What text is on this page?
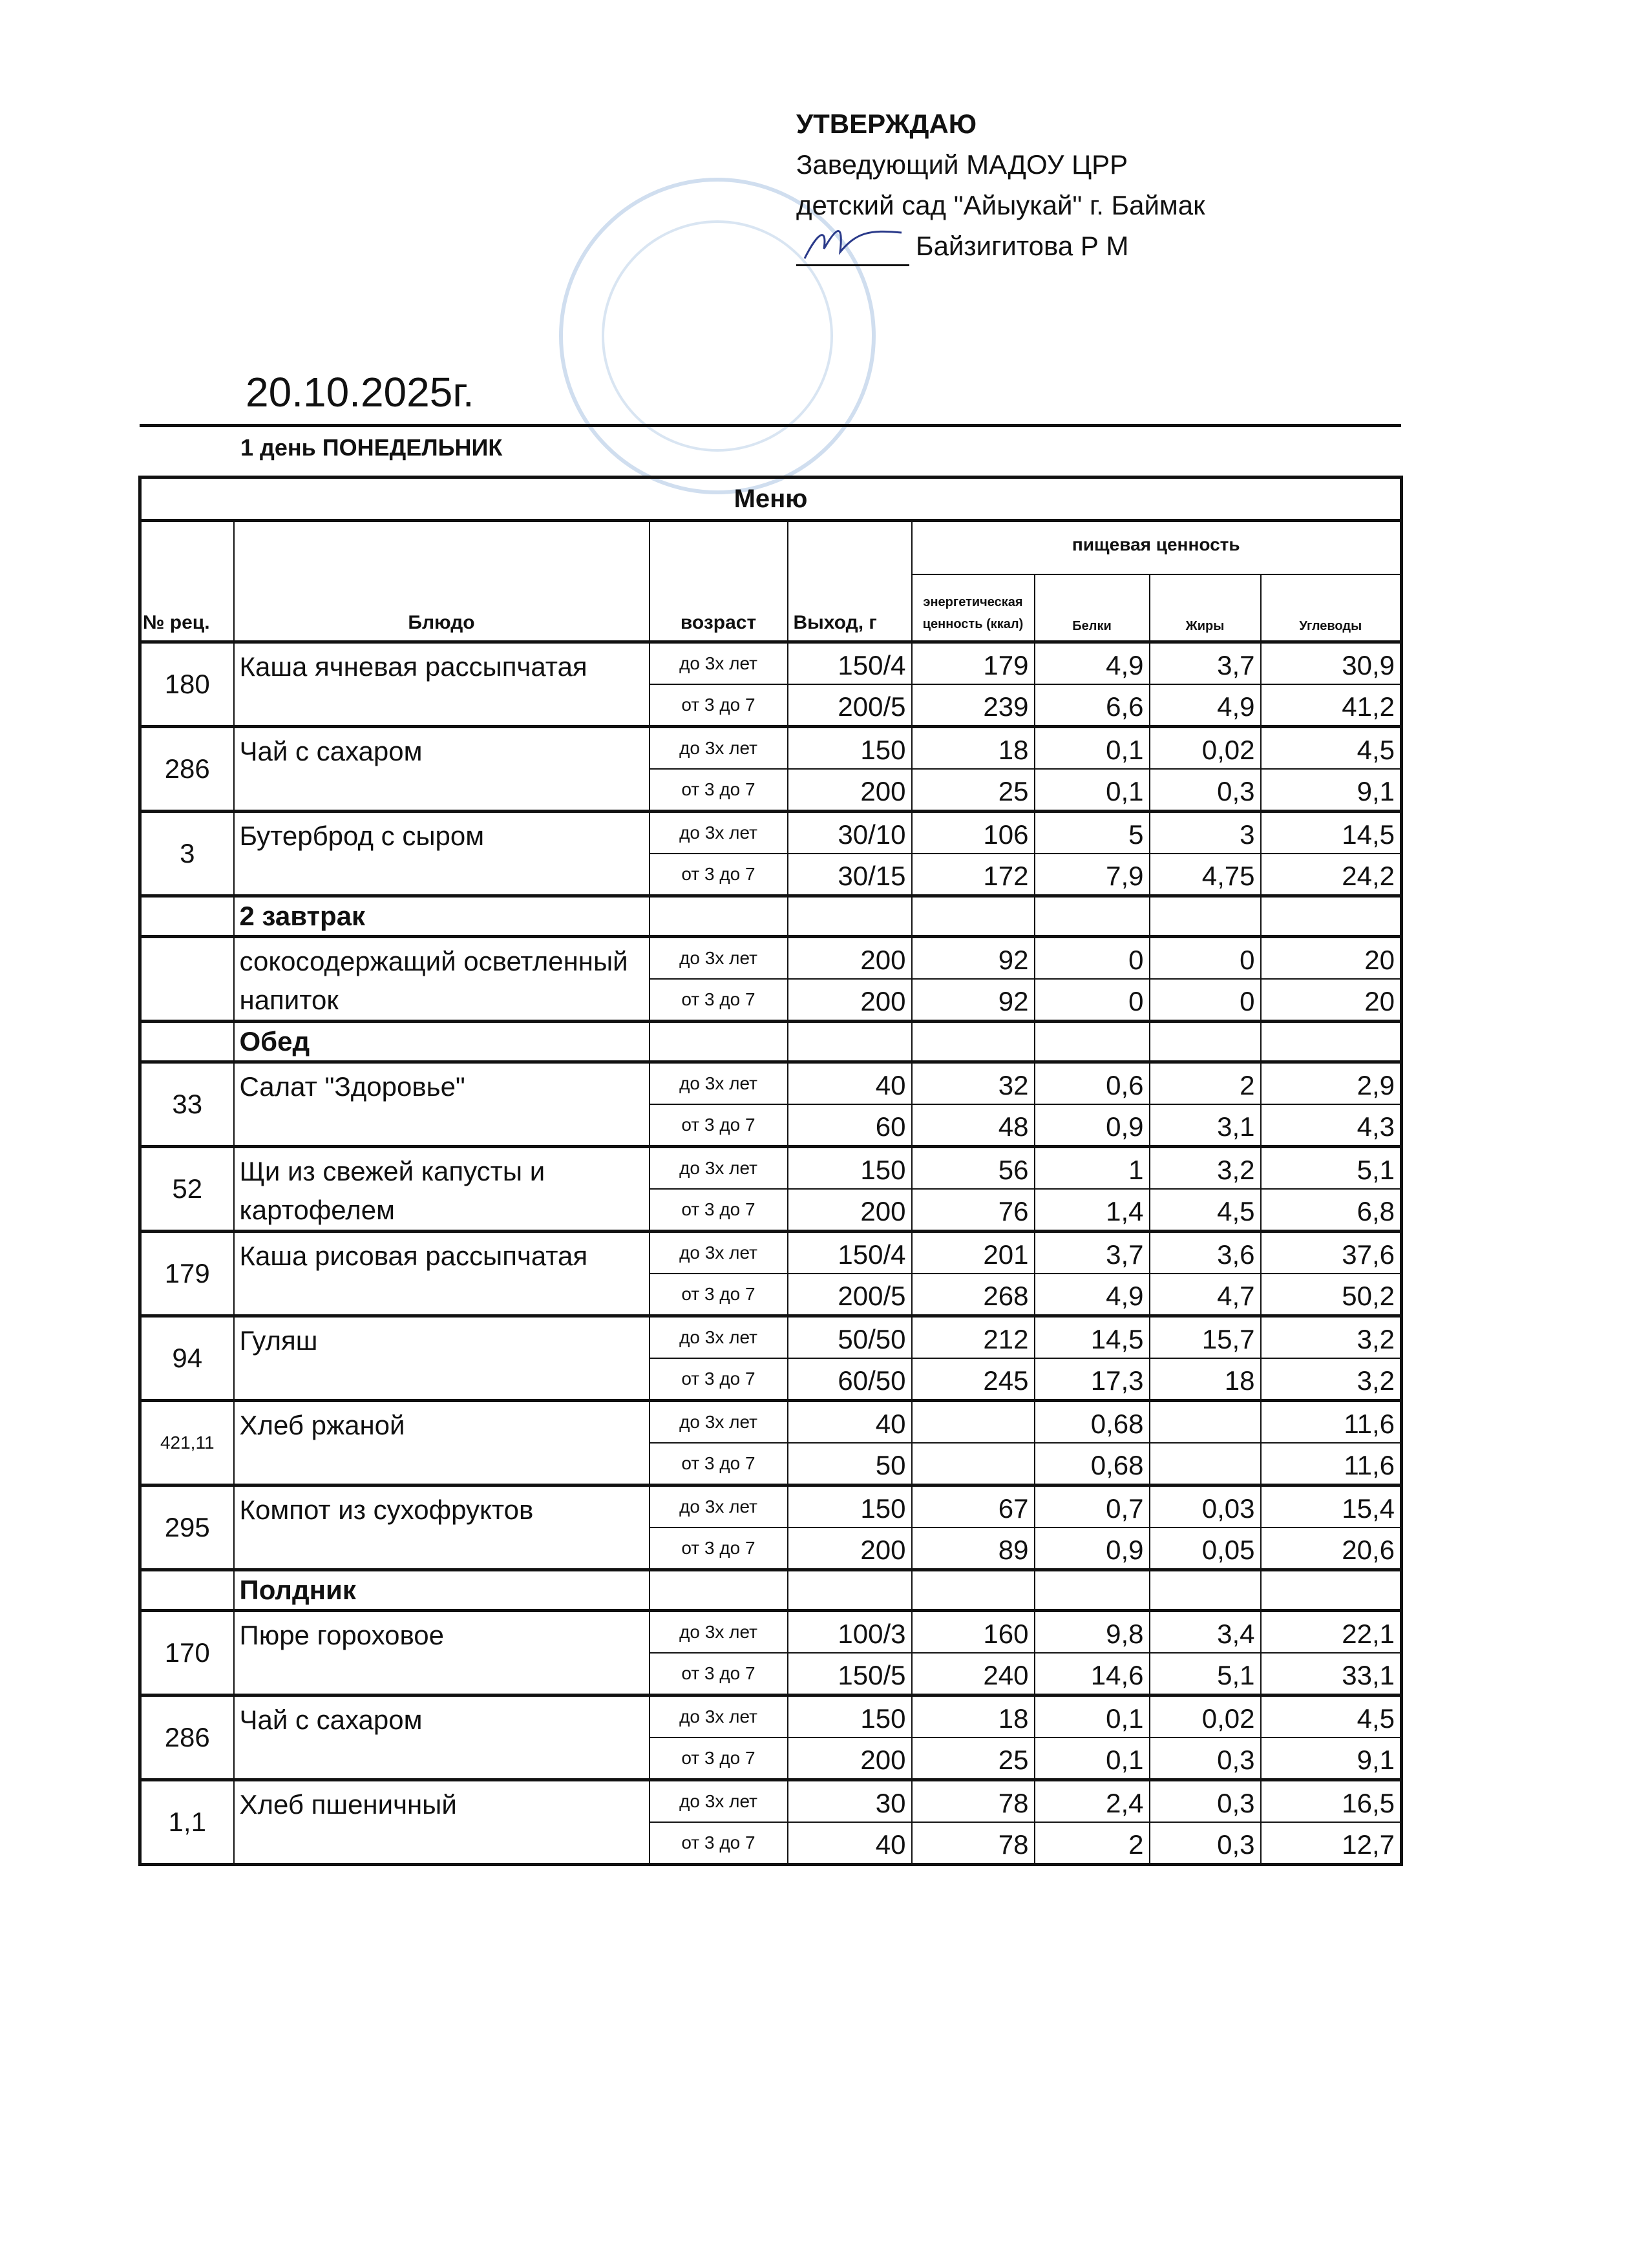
УТВЕРЖДАЮ
Заведующий МАДОУ ЦРР
детский сад "Айыукай" г. Баймак
Байзигитова Р М
20.10.2025г.
1 день ПОНЕДЕЛЬНИК
Меню							
№ рец.	Блюдо	возраст	Выход, г	пищевая ценность			
				энергетическая ценность (ккал)	Белки	Жиры	Углеводы
180	Каша ячневая рассыпчатая	до 3х лет	150/4	179	4,9	3,7	30,9
		от 3 до 7	200/5	239	6,6	4,9	41,2
286	Чай с сахаром	до 3х лет	150	18	0,1	0,02	4,5
		от 3 до 7	200	25	0,1	0,3	9,1
3	Бутерброд с сыром	до 3х лет	30/10	106	5	3	14,5
		от 3 до 7	30/15	172	7,9	4,75	24,2
	2 завтрак						
	сокосодержащий осветленный напиток	до 3х лет	200	92	0	0	20
		от 3 до 7	200	92	0	0	20
	Обед						
33	Салат "Здоровье"	до 3х лет	40	32	0,6	2	2,9
		от 3 до 7	60	48	0,9	3,1	4,3
52	Щи из свежей капусты и картофелем	до 3х лет	150	56	1	3,2	5,1
		от 3 до 7	200	76	1,4	4,5	6,8
179	Каша рисовая рассыпчатая	до 3х лет	150/4	201	3,7	3,6	37,6
		от 3 до 7	200/5	268	4,9	4,7	50,2
94	Гуляш	до 3х лет	50/50	212	14,5	15,7	3,2
		от 3 до 7	60/50	245	17,3	18	3,2
421,11	Хлеб ржаной	до 3х лет	40		0,68		11,6
		от 3 до 7	50		0,68		11,6
295	Компот из сухофруктов	до 3х лет	150	67	0,7	0,03	15,4
		от 3 до 7	200	89	0,9	0,05	20,6
	Полдник						
170	Пюре гороховое	до 3х лет	100/3	160	9,8	3,4	22,1
		от 3 до 7	150/5	240	14,6	5,1	33,1
286	Чай с сахаром	до 3х лет	150	18	0,1	0,02	4,5
		от 3 до 7	200	25	0,1	0,3	9,1
1,1	Хлеб пшеничный	до 3х лет	30	78	2,4	0,3	16,5
		от 3 до 7	40	78	2	0,3	12,7
